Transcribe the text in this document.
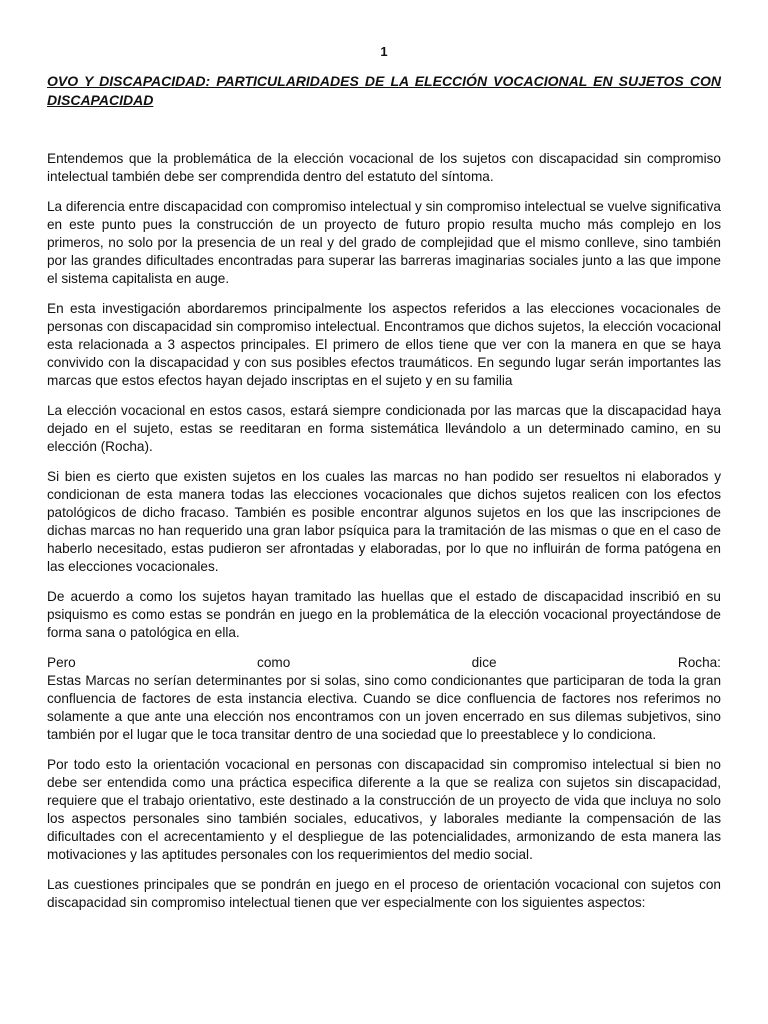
1
OVO Y DISCAPACIDAD: PARTICULARIDADES DE LA ELECCIÓN VOCACIONAL EN SUJETOS CON DISCAPACIDAD

Entendemos que la problemática de la elección vocacional de los sujetos con discapacidad sin compromiso intelectual también debe ser comprendida dentro del estatuto del síntoma.

La diferencia entre discapacidad con compromiso intelectual y sin compromiso intelectual se vuelve significativa en este punto pues la construcción de un proyecto de futuro propio resulta mucho más complejo en los primeros, no solo por la presencia de un real y del grado de complejidad que el mismo conlleve, sino también por las grandes dificultades encontradas para superar las barreras imaginarias sociales junto a las que impone el sistema capitalista en auge.

En esta investigación abordaremos principalmente los aspectos referidos a las elecciones vocacionales de personas con discapacidad sin compromiso intelectual. Encontramos que dichos sujetos, la elección vocacional esta relacionada a 3 aspectos principales. El primero de ellos tiene que ver con la manera en que se haya convivido con la discapacidad y con sus posibles efectos traumáticos. En segundo lugar serán importantes las marcas que estos efectos hayan dejado inscriptas en el sujeto y en su familia

La elección vocacional en estos casos, estará siempre condicionada por las marcas que la discapacidad haya dejado en el sujeto, estas se reeditaran en forma sistemática llevándolo a un determinado camino, en su elección (Rocha).

Si bien es cierto que existen sujetos en los cuales las marcas no han podido ser resueltos ni elaborados y condicionan de esta manera todas las elecciones vocacionales que dichos sujetos realicen con los efectos patológicos de dicho fracaso. También es posible encontrar algunos sujetos en los que las inscripciones de dichas marcas no han requerido una gran labor psíquica para la tramitación de las mismas o que en el caso de haberlo necesitado, estas pudieron ser afrontadas y elaboradas, por lo que no influirán de forma patógena en las elecciones vocacionales.

De acuerdo a como los sujetos hayan tramitado las huellas que el estado de discapacidad inscribió en su psiquismo es como estas se pondrán en juego en la problemática de la elección vocacional proyectándose de forma sana o patológica en ella.

Pero	como	dice	Rocha:
Estas Marcas no serían determinantes por si solas, sino como condicionantes que participaran de toda la gran confluencia de factores de esta instancia electiva. Cuando se dice confluencia de factores nos referimos no solamente a que ante una elección nos encontramos con un joven encerrado en sus dilemas subjetivos, sino también por el lugar que le toca transitar dentro de una sociedad que lo preestablece y lo condiciona.

Por todo esto la orientación vocacional en personas con discapacidad sin compromiso intelectual si bien no debe ser entendida como una práctica especifica diferente a la que se realiza con sujetos sin discapacidad, requiere que el trabajo orientativo, este destinado a la construcción de un proyecto de vida que incluya no solo los aspectos personales sino también sociales, educativos, y laborales mediante la compensación de las dificultades con el acrecentamiento y el despliegue de las potencialidades, armonizando de esta manera las motivaciones y las aptitudes personales con los requerimientos del medio social.

Las cuestiones principales que se pondrán en juego en el proceso de orientación vocacional con sujetos con discapacidad sin compromiso intelectual tienen que ver especialmente con los siguientes aspectos:
